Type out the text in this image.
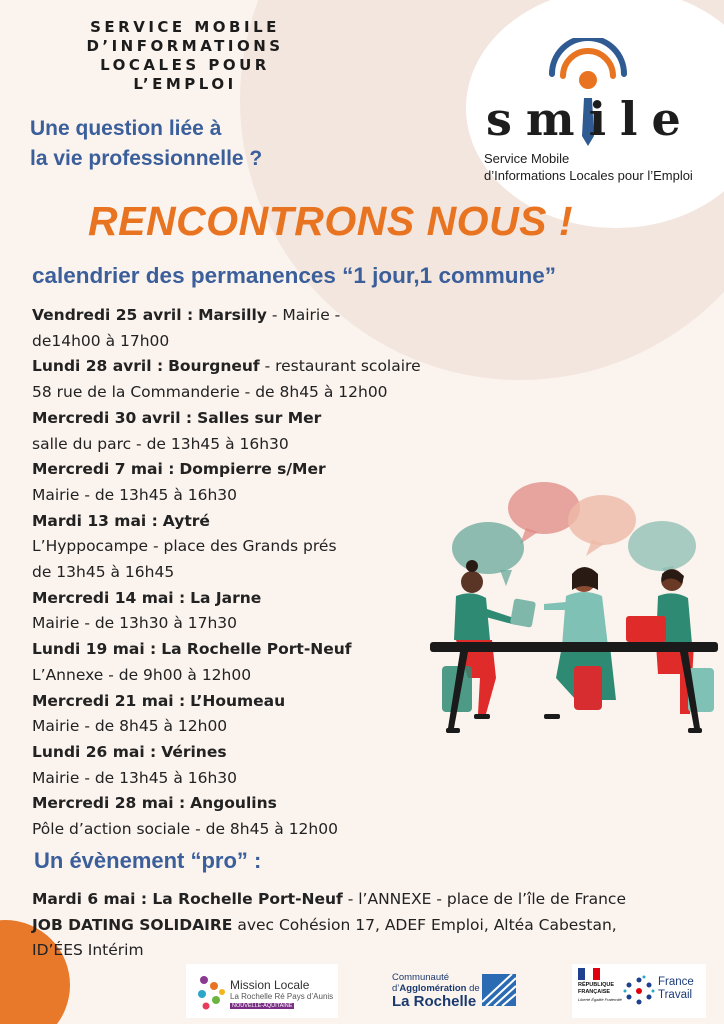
SERVICE MOBILE
D’INFORMATIONS
LOCALES POUR
L’EMPLOI
Une question liée à
la vie professionnelle ?
smile
Service Mobile
d’Informations Locales pour l’Emploi
RENCONTRONS NOUS !
calendrier des permanences “1 jour,1 commune”
Vendredi 25 avril : Marsilly - Mairie -
de14h00 à 17h00
Lundi 28 avril : Bourgneuf - restaurant scolaire
58 rue de la Commanderie - de 8h45 à 12h00
Mercredi 30 avril : Salles sur Mer
salle du parc - de 13h45 à 16h30
Mercredi 7 mai : Dompierre s/Mer
Mairie - de 13h45 à 16h30
Mardi 13 mai : Aytré
L’Hyppocampe - place des Grands prés
de 13h45 à 16h45
Mercredi 14 mai : La Jarne
Mairie - de 13h30 à 17h30
Lundi 19 mai : La Rochelle Port-Neuf
L’Annexe - de 9h00 à 12h00
Mercredi 21 mai : L’Houmeau
Mairie - de 8h45 à 12h00
Lundi 26 mai : Vérines
Mairie - de 13h45 à 16h30
Mercredi 28 mai : Angoulins
Pôle d’action sociale - de 8h45 à 12h00
Un évènement “pro” :
Mardi 6 mai : La Rochelle Port-Neuf - l’ANNEXE - place de l’île de France
JOB DATING SOLIDAIRE avec Cohésion 17, ADEF Emploi, Altéa Cabestan,
ID’ÉES Intérim
Mission Locale
La Rochelle Ré Pays d’Aunis
NOUVELLE-AQUITAINE
Communauté
d’Agglomération de
La Rochelle
RÉPUBLIQUE
FRANÇAISE
Liberté Égalité Fraternité
France
Travail
